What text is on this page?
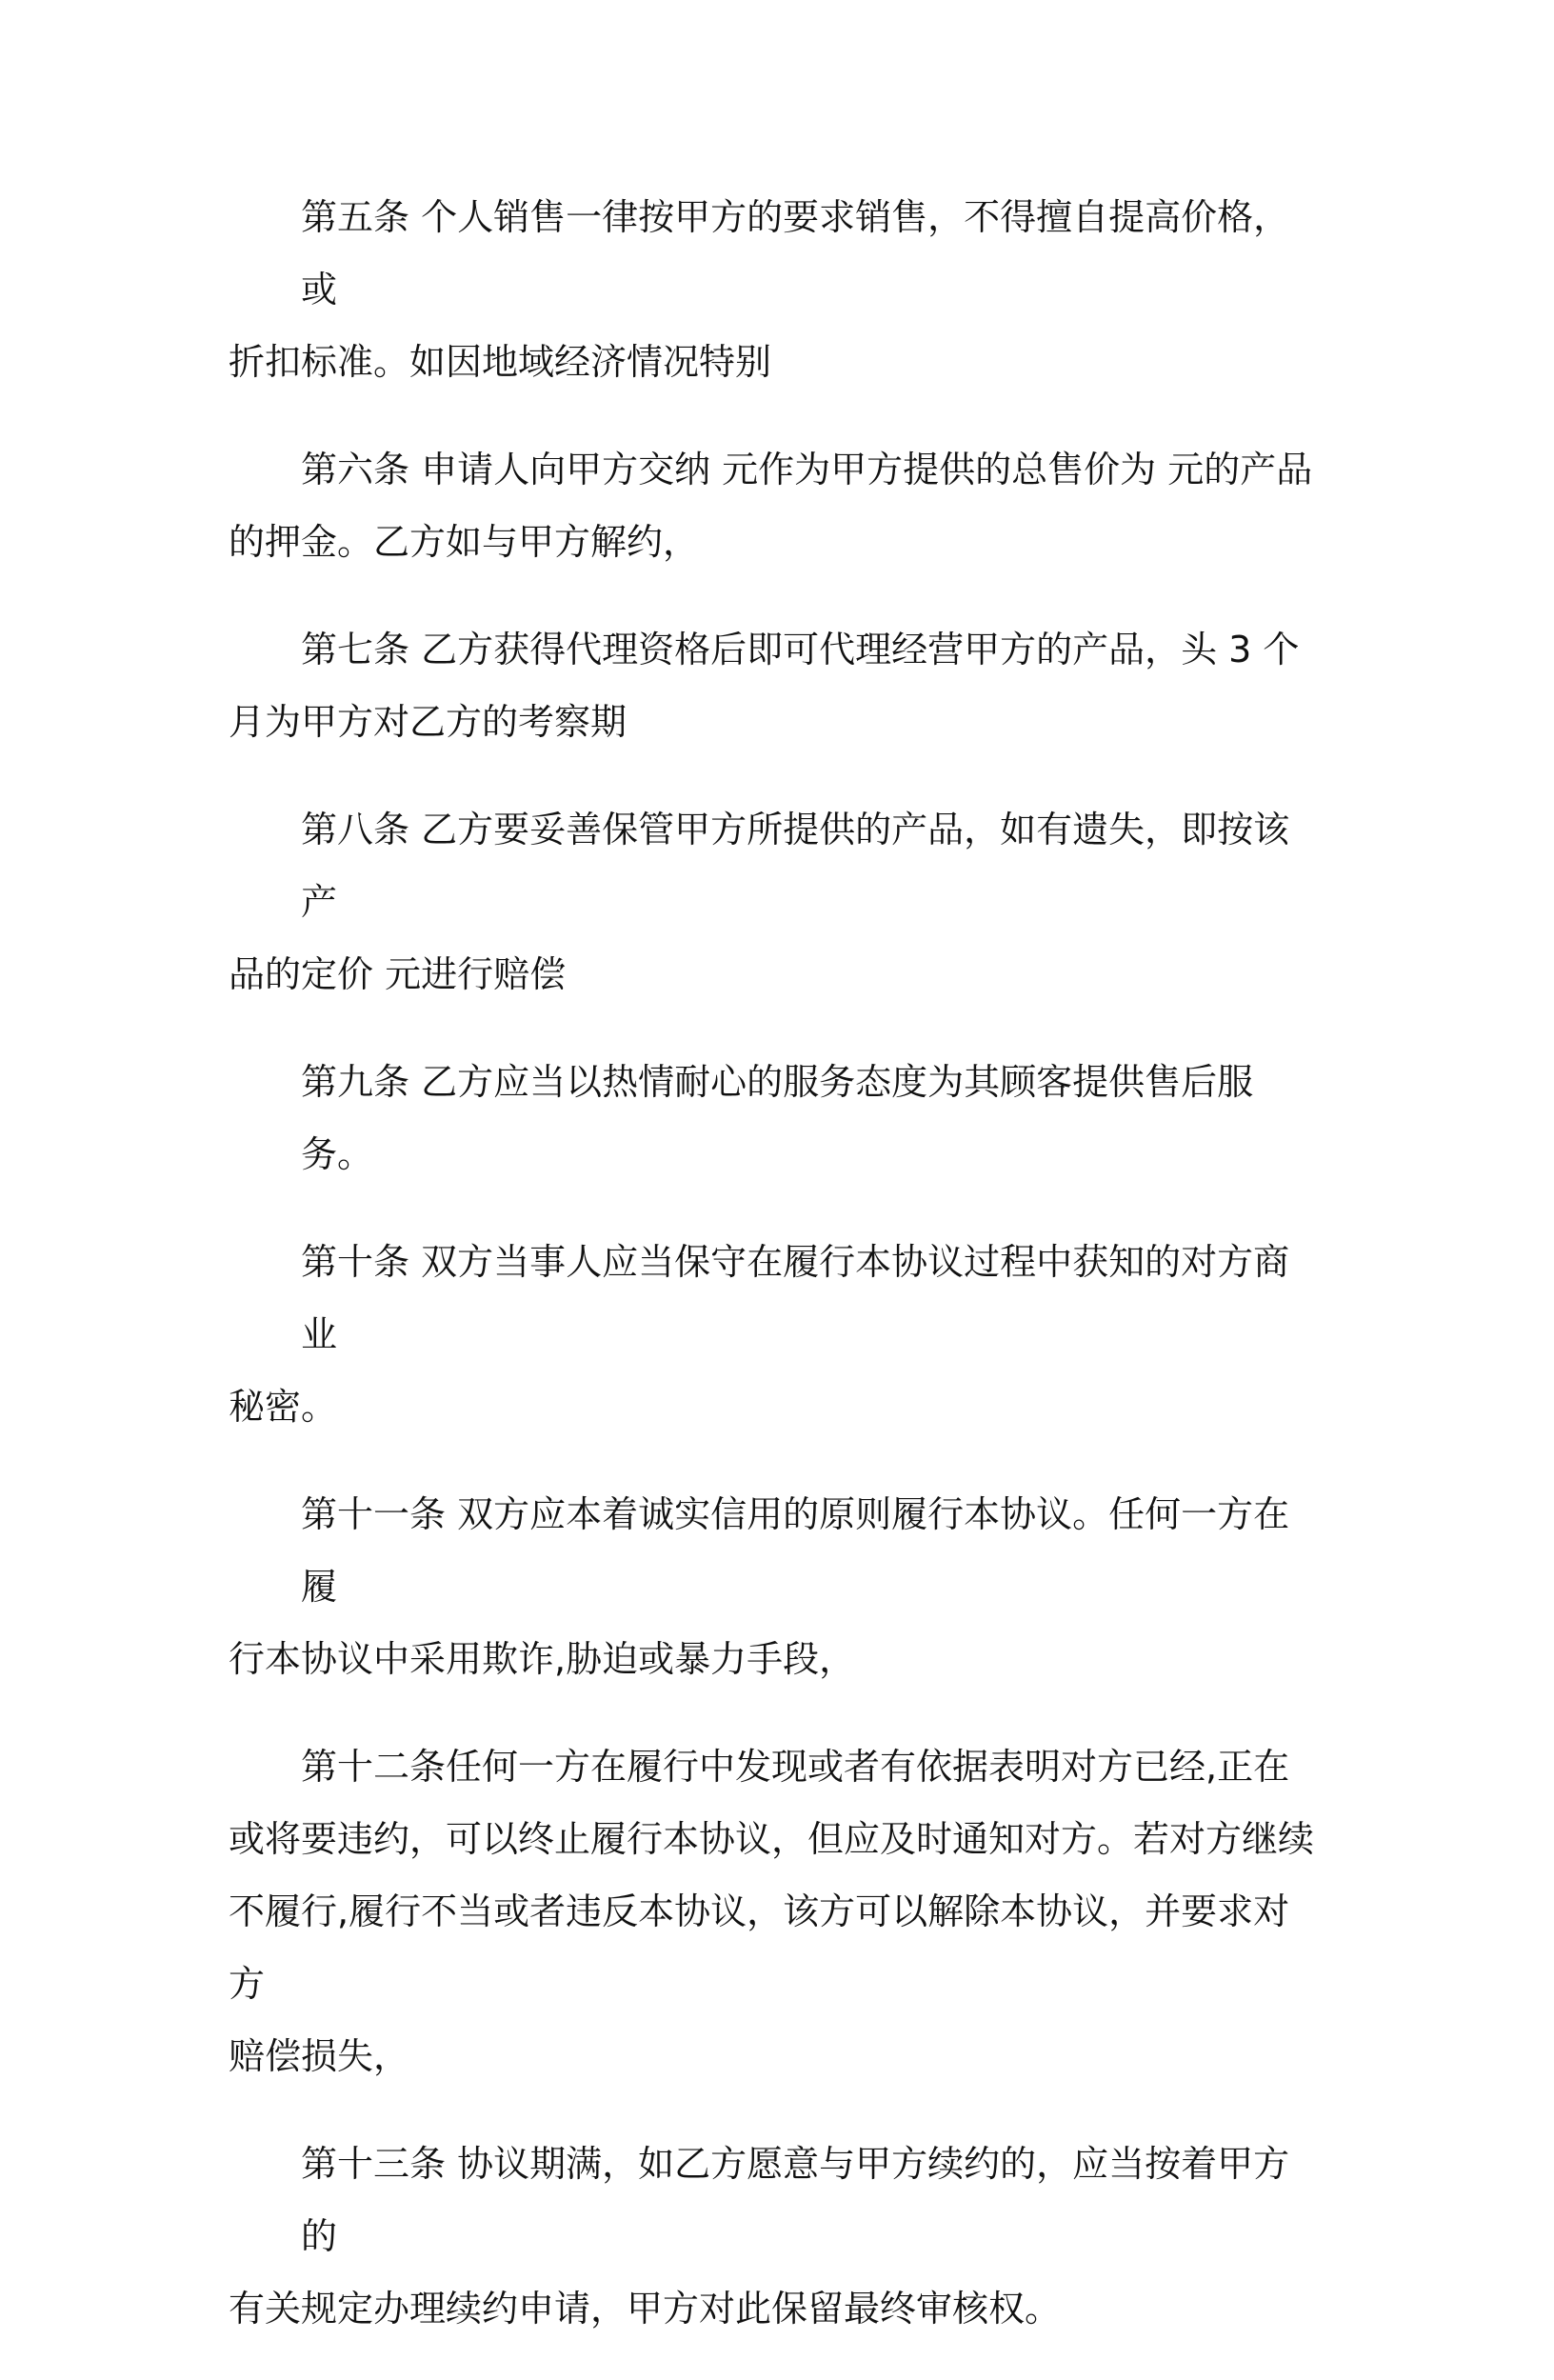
第五条 个人销售一律按甲方的要求销售，不得擅自提高价格，或
折扣标准。如因地域经济情况特别

第六条 申请人向甲方交纳 元作为甲方提供的总售价为 元的产品
的押金。乙方如与甲方解约，

第七条 乙方获得代理资格后即可代理经营甲方的产品，头 3 个
月为甲方对乙方的考察期

第八条 乙方要妥善保管甲方所提供的产品，如有遗失，即按该产
品的定价 元进行赔偿

第九条 乙方应当以热情耐心的服务态度为其顾客提供售后服务。

第十条 双方当事人应当保守在履行本协议过程中获知的对方商业
秘密。

第十一条 双方应本着诚实信用的原则履行本协议。任何一方在履
行本协议中采用欺诈,胁迫或暴力手段，

第十二条任何一方在履行中发现或者有依据表明对方已经,正在
或将要违约，可以终止履行本协议，但应及时通知对方。若对方继续
不履行,履行不当或者违反本协议，该方可以解除本协议，并要求对方
赔偿损失，

第十三条 协议期满，如乙方愿意与甲方续约的，应当按着甲方的
有关规定办理续约申请，甲方对此保留最终审核权。
